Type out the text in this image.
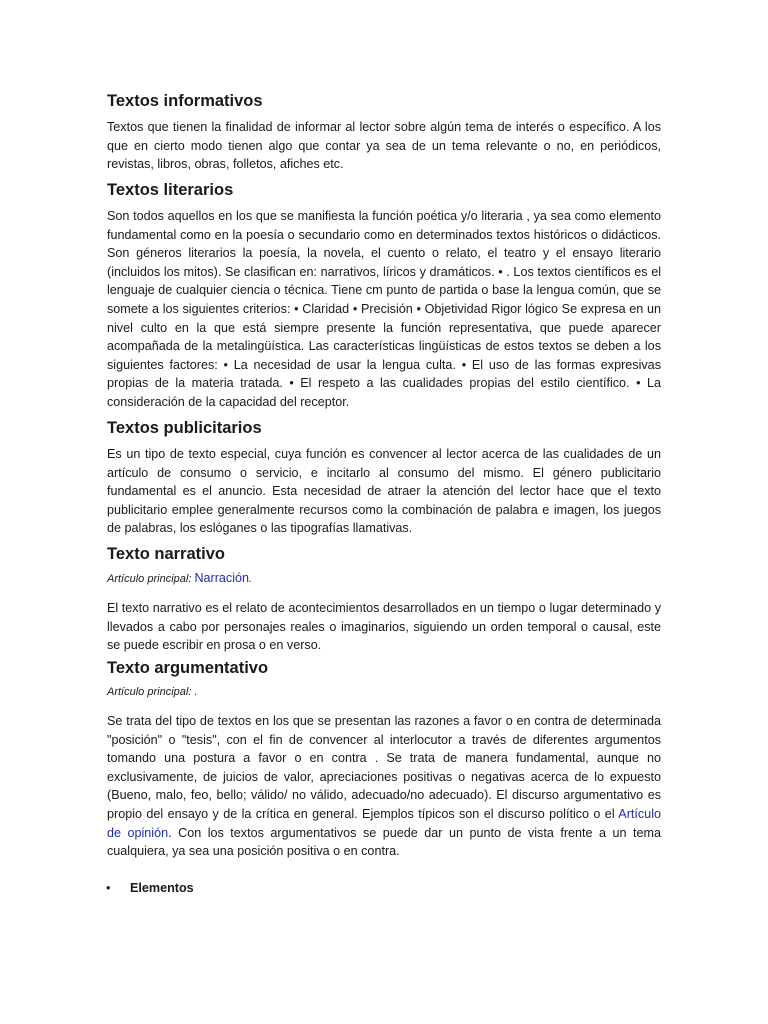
Textos informativos

Textos que tienen la finalidad de informar al lector sobre algún tema de interés o específico. A los que en cierto modo tienen algo que contar ya sea de un tema relevante o no, en periódicos, revistas, libros, obras, folletos, afiches etc.

Textos literarios

Son todos aquellos en los que se manifiesta la función poética y/o literaria , ya sea como elemento fundamental como en la poesía o secundario como en determinados textos históricos o didácticos. Son géneros literarios la poesía, la novela, el cuento o relato, el teatro y el ensayo literario (incluidos los mitos). Se clasifican en: narrativos, líricos y dramáticos. • . Los textos científicos es el lenguaje de cualquier ciencia o técnica. Tiene cm punto de partida o base la lengua común, que se somete a los siguientes criterios: • Claridad • Precisión • Objetividad Rigor lógico Se expresa en un nivel culto en la que está siempre presente la función representativa, que puede aparecer acompañada de la metalingüística. Las características lingüísticas de estos textos se deben a los siguientes factores: • La necesidad de usar la lengua culta. • El uso de las formas expresivas propias de la materia tratada. • El respeto a las cualidades propias del estilo científico. • La consideración de la capacidad del receptor.

Textos publicitarios

Es un tipo de texto especial, cuya función es convencer al lector acerca de las cualidades de un artículo de consumo o servicio, e incitarlo al consumo del mismo. El género publicitario fundamental es el anuncio. Esta necesidad de atraer la atención del lector hace que el texto publicitario emplee generalmente recursos como la combinación de palabra e imagen, los juegos de palabras, los eslóganes o las tipografías llamativas.

Texto narrativo
Artículo principal: Narración.

El texto narrativo es el relato de acontecimientos desarrollados en un tiempo o lugar determinado y llevados a cabo por personajes reales o imaginarios, siguiendo un orden temporal o causal, este se puede escribir en prosa o en verso.

Texto argumentativo
Artículo principal: .

Se trata del tipo de textos en los que se presentan las razones a favor o en contra de determinada "posición" o "tesis", con el fin de convencer al interlocutor a través de diferentes argumentos tomando una postura a favor o en contra . Se trata de manera fundamental, aunque no exclusivamente, de juicios de valor, apreciaciones positivas o negativas acerca de lo expuesto (Bueno, malo, feo, bello; válido/ no válido, adecuado/no adecuado). El discurso argumentativo es propio del ensayo y de la crítica en general. Ejemplos típicos son el discurso político o el Artículo de opinión. Con los textos argumentativos se puede dar un punto de vista frente a un tema cualquiera, ya sea una posición positiva o en contra.

• Elementos
